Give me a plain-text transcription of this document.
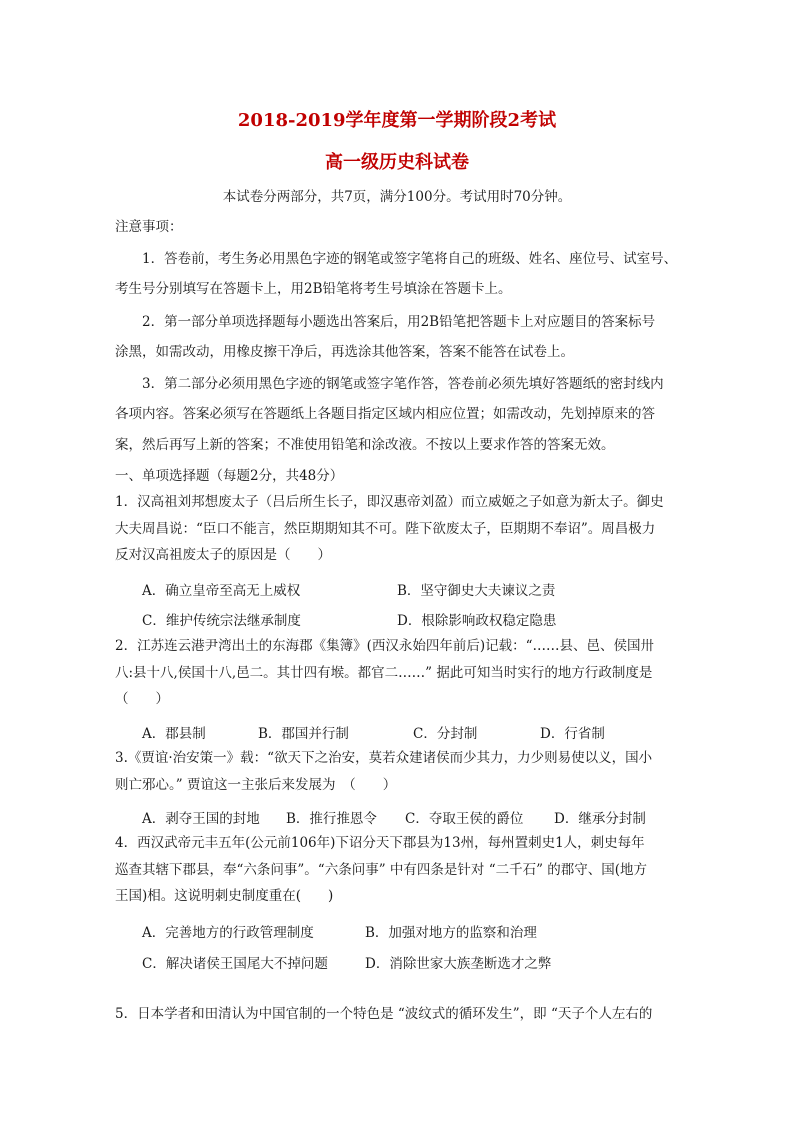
2018-2019学年度第一学期阶段2考试
高一级历史科试卷
本试卷分两部分，共7页，满分100分。考试用时70分钟。
注意事项：
1．答卷前，考生务必用黑色字迹的钢笔或签字笔将自己的班级、姓名、座位号、试室号、
考生号分别填写在答题卡上，用2B铅笔将考生号填涂在答题卡上。
2．第一部分单项选择题每小题选出答案后，用2B铅笔把答题卡上对应题目的答案标号
涂黑，如需改动，用橡皮擦干净后，再选涂其他答案，答案不能答在试卷上。
3．第二部分必须用黑色字迹的钢笔或签字笔作答，答卷前必须先填好答题纸的密封线内
各项内容。答案必须写在答题纸上各题目指定区域内相应位置；如需改动，先划掉原来的答
案，然后再写上新的答案；不准使用铅笔和涂改液。不按以上要求作答的答案无效。
一、单项选择题（每题2分，共48分）
1．汉高祖刘邦想废太子（吕后所生长子，即汉惠帝刘盈）而立威姬之子如意为新太子。御史
大夫周昌说：“臣口不能言，然臣期期知其不可。陛下欲废太子，臣期期不奉诏”。周昌极力
反对汉高祖废太子的原因是（　　）
A．确立皇帝至高无上威权	B．坚守御史大夫谏议之责
C．维护传统宗法继承制度	D．根除影响政权稳定隐患
2．江苏连云港尹湾出土的东海郡《集簿》(西汉永始四年前后)记载：“……县、邑、侯国卅
八:县十八,侯国十八,邑二。其廿四有堠。都官二……” 据此可知当时实行的地方行政制度是
（　　）
A．郡县制	B．郡国并行制	C．分封制	D．行省制
3.《贾谊·治安策一》载：“欲天下之治安，莫若众建诸侯而少其力，力少则易使以义，国小
则亡邪心。” 贾谊这一主张后来发展为　（　　）
A．剥夺王国的封地 B．推行推恩令 C．夺取王侯的爵位 D．继承分封制
4．西汉武帝元丰五年(公元前106年)下诏分天下郡县为13州，每州置刺史1人，刺史每年
巡查其辖下郡县，奉“六条问事”。“六条问事” 中有四条是针对 “二千石” 的郡守、国(地方
王国)相。这说明刺史制度重在(　　)
A．完善地方的行政管理制度	B．加强对地方的监察和治理
C．解决诸侯王国尾大不掉问题	D．消除世家大族垄断选才之弊
5．日本学者和田清认为中国官制的一个特色是 “波纹式的循环发生”，即 “天子个人左右的
